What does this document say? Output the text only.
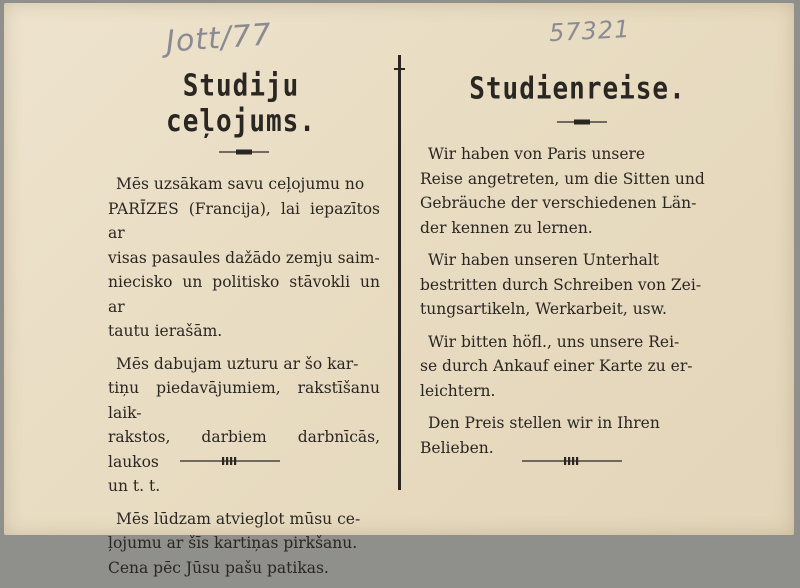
Jott/77	57321
Studiju ceļojums.

Mēs uzsākam savu ceļojumu no
PARĪZES (Francija), lai iepazītos ar
visas pasaules dažādo zemju saim-
niecisko un politisko stāvokli un ar
tautu ierašām.

Mēs dabujam uzturu ar šo kar-
tiņu piedavājumiem, rakstīšanu laik-
rakstos, darbiem darbnīcās, laukos
un t. t.

Mēs lūdzam atvieglot mūsu ce-
ļojumu ar šīs kartiņas pirkšanu.
Cena pēc Jūsu pašu patikas.

Studienreise.

Wir haben von Paris unsere
Reise angetreten, um die Sitten und
Gebräuche der verschiedenen Län-
der kennen zu lernen.

Wir haben unseren Unterhalt
bestritten durch Schreiben von Zei-
tungsartikeln, Werkarbeit, usw.

Wir bitten höfl., uns unsere Rei-
se durch Ankauf einer Karte zu er-
leichtern.

Den Preis stellen wir in Ihren
Belieben.
